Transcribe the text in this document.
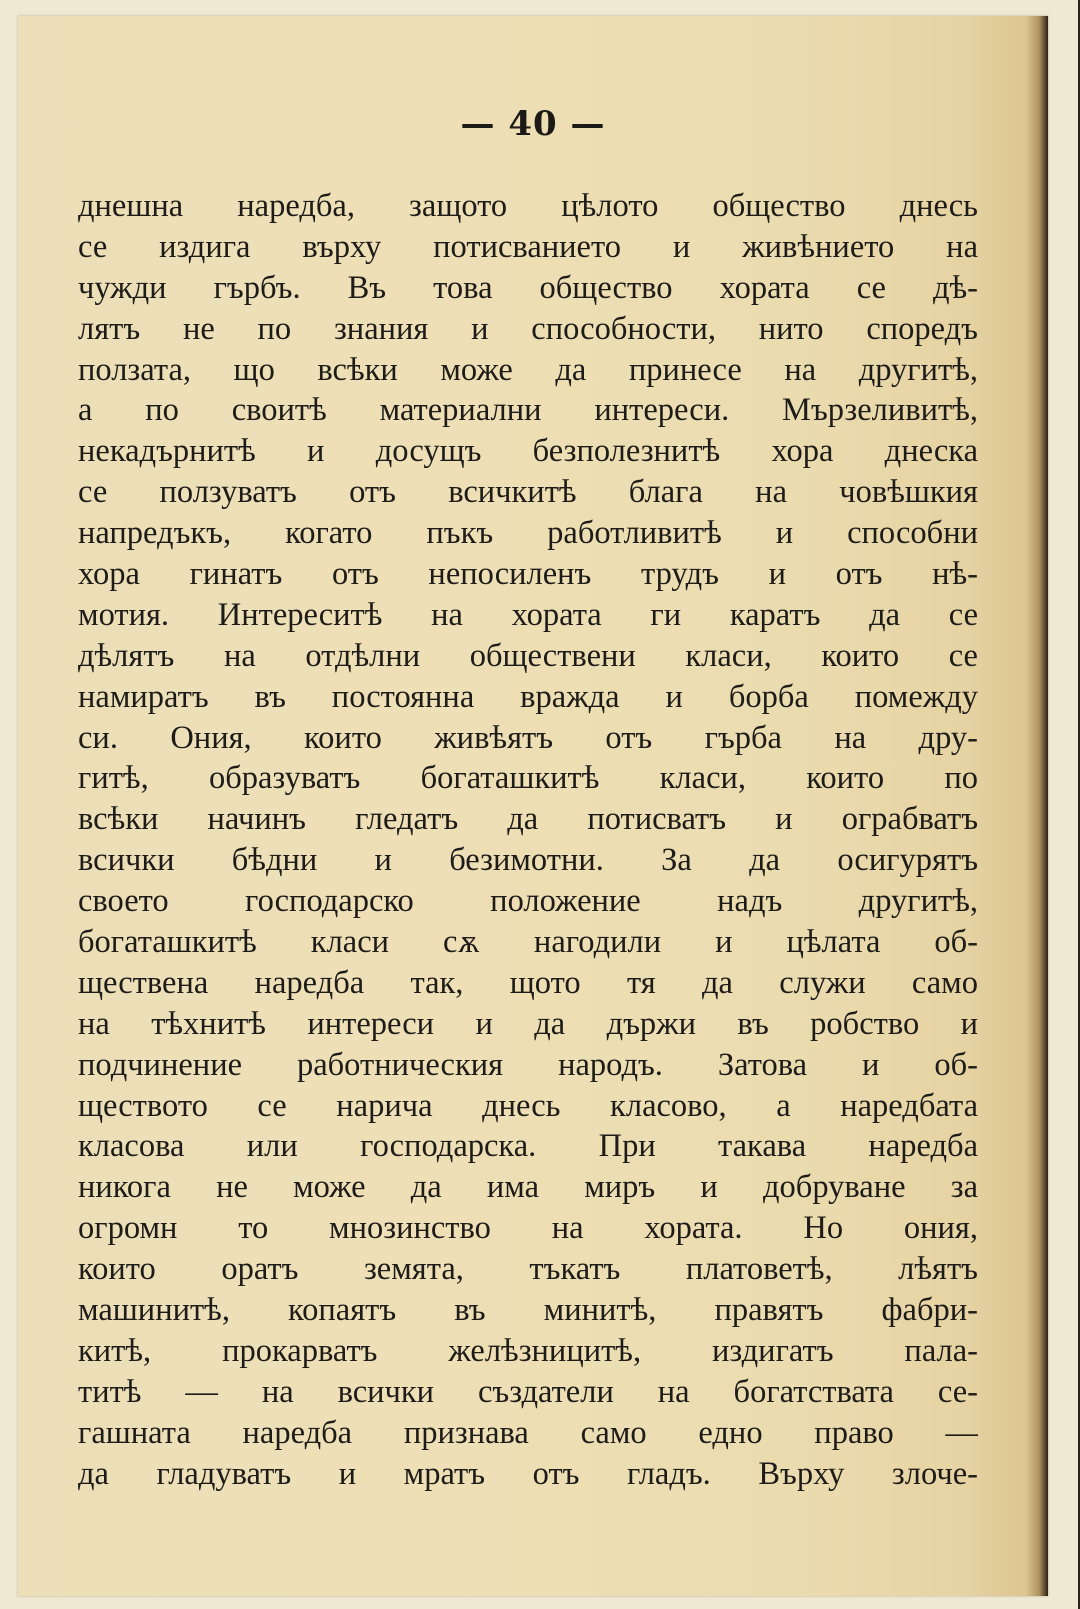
— 40 —
днешна наредба, защото цѣлото общество днесь
се издига върху потисванието и живѣнието на
чужди гърбъ. Въ това общество хората се дѣ-
лятъ не по знания и способности, нито споредъ
ползата, що всѣки може да принесе на другитѣ,
а по своитѣ материални интереси. Мързеливитѣ,
некадърнитѣ и досущъ безполезнитѣ хора днеска
се ползуватъ отъ всичкитѣ блага на човѣшкия
напредъкъ, когато пъкъ работливитѣ и способни
хора гинатъ отъ непосиленъ трудъ и отъ нѣ-
мотия. Интереситѣ на хората ги каратъ да се
дѣлятъ на отдѣлни обществени класи, които се
намиратъ въ постоянна вражда и борба помежду
си. Ония, които живѣятъ отъ гърба на дру-
гитѣ, образуватъ богаташкитѣ класи, които по
всѣки начинъ гледатъ да потисватъ и ограбватъ
всички бѣдни и безимотни. За да осигурятъ
своето господарско положение надъ другитѣ,
богаташкитѣ класи сѫ нагодили и цѣлата об-
ществена наредба так, щото тя да служи само
на тѣхнитѣ интереси и да държи въ робство и
подчинение работническия народъ. Затова и об-
ществото се нарича днесь класово, а наредбата
класова или господарска. При такава наредба
никога не може да има миръ и добруване за
огромн то мнозинство на хората. Но ония,
които оратъ земята, тъкатъ платоветѣ, лѣятъ
машинитѣ, копаятъ въ минитѣ, правятъ фабри-
китѣ, прокарватъ желѣзницитѣ, издигатъ пала-
титѣ — на всички създатели на богатствата се-
гашната наредба признава само едно право —
да гладуватъ и мратъ отъ гладъ. Върху злоче-
